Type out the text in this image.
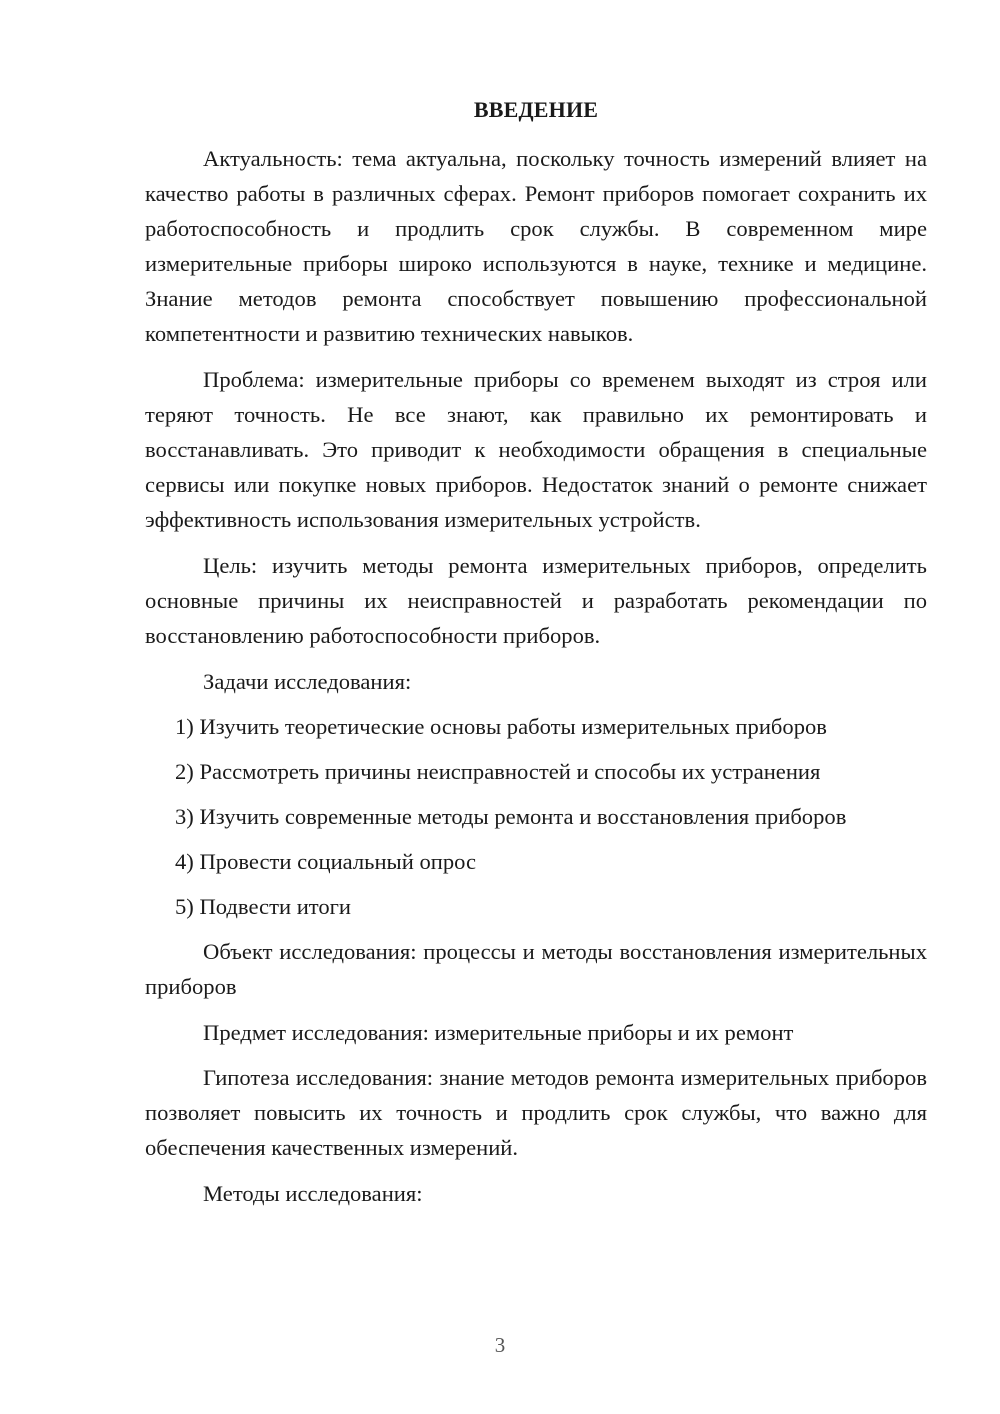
ВВЕДЕНИЕ

Актуальность: тема актуальна, поскольку точность измерений влияет на качество работы в различных сферах. Ремонт приборов помогает сохранить их работоспособность и продлить срок службы. В современном мире измерительные приборы широко используются в науке, технике и медицине. Знание методов ремонта способствует повышению профессиональной компетентности и развитию технических навыков.

Проблема: измерительные приборы со временем выходят из строя или теряют точность. Не все знают, как правильно их ремонтировать и восстанавливать. Это приводит к необходимости обращения в специальные сервисы или покупке новых приборов. Недостаток знаний о ремонте снижает эффективность использования измерительных устройств.

Цель: изучить методы ремонта измерительных приборов, определить основные причины их неисправностей и разработать рекомендации по восстановлению работоспособности приборов.

Задачи исследования:

1) Изучить теоретические основы работы измерительных приборов
2) Рассмотреть причины неисправностей и способы их устранения
3) Изучить современные методы ремонта и восстановления приборов
4) Провести социальный опрос
5) Подвести итоги

Объект исследования: процессы и методы восстановления измерительных приборов

Предмет исследования: измерительные приборы и их ремонт

Гипотеза исследования: знание методов ремонта измерительных приборов позволяет повысить их точность и продлить срок службы, что важно для обеспечения качественных измерений.

Методы исследования:

3
